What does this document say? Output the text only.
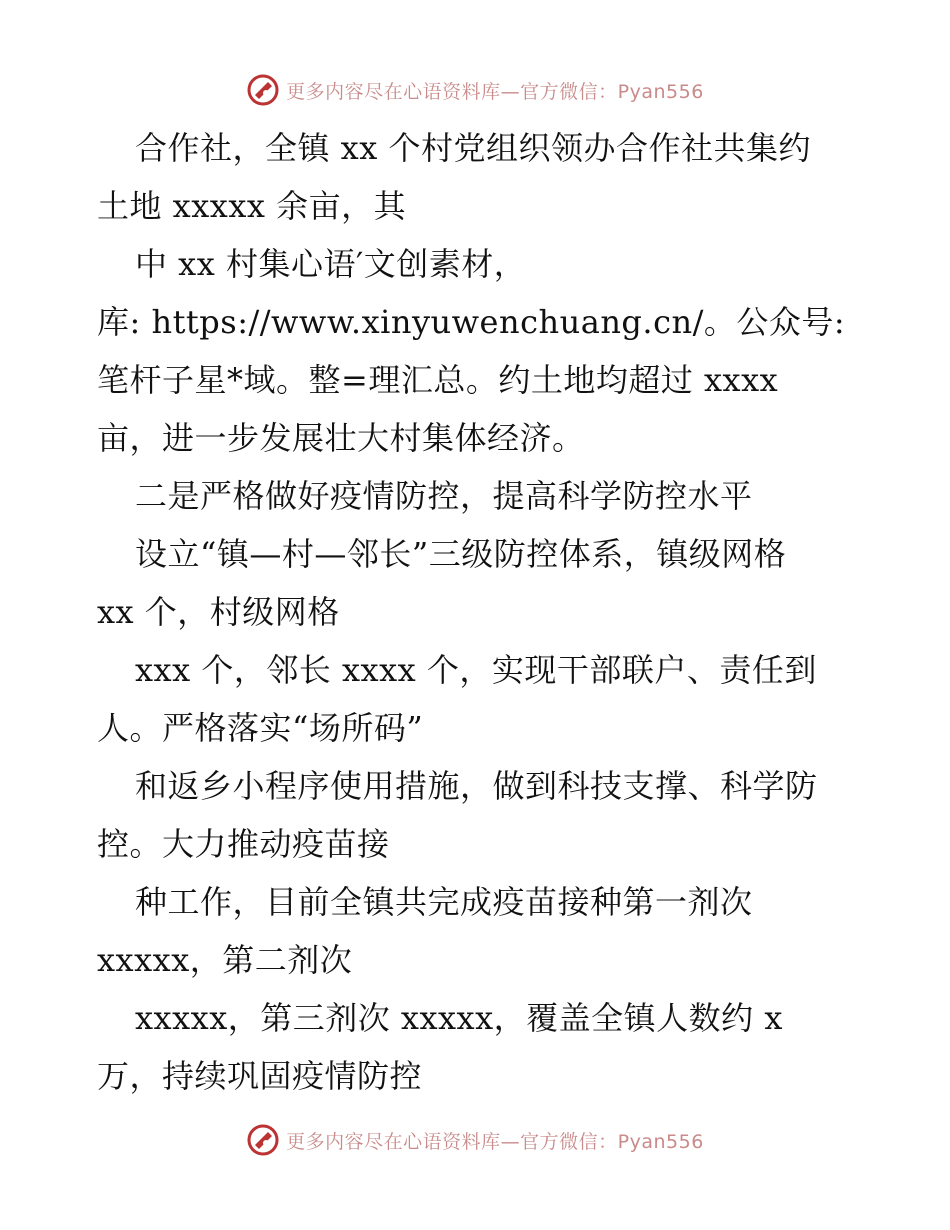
更多内容尽在心语资料库—官方微信：Pyan556
合作社，全镇 xx 个村党组织领办合作社共集约
土地 xxxxx 余亩，其
中 xx 村集心语′文创素材，
库: https://www.xinyuwenchuang.cn/。公众号:
笔杆子星*域。整=理汇总。约土地均超过 xxxx
亩，进一步发展壮大村集体经济。
二是严格做好疫情防控，提高科学防控水平
设立“镇—村—邻长”三级防控体系，镇级网格
xx 个，村级网格
xxx 个，邻长 xxxx 个，实现干部联户、责任到
人。严格落实“场所码”
和返乡小程序使用措施，做到科技支撑、科学防
控。大力推动疫苗接
种工作，目前全镇共完成疫苗接种第一剂次
xxxxx，第二剂次
xxxxx，第三剂次 xxxxx，覆盖全镇人数约 x
万，持续巩固疫情防控
更多内容尽在心语资料库—官方微信：Pyan556
